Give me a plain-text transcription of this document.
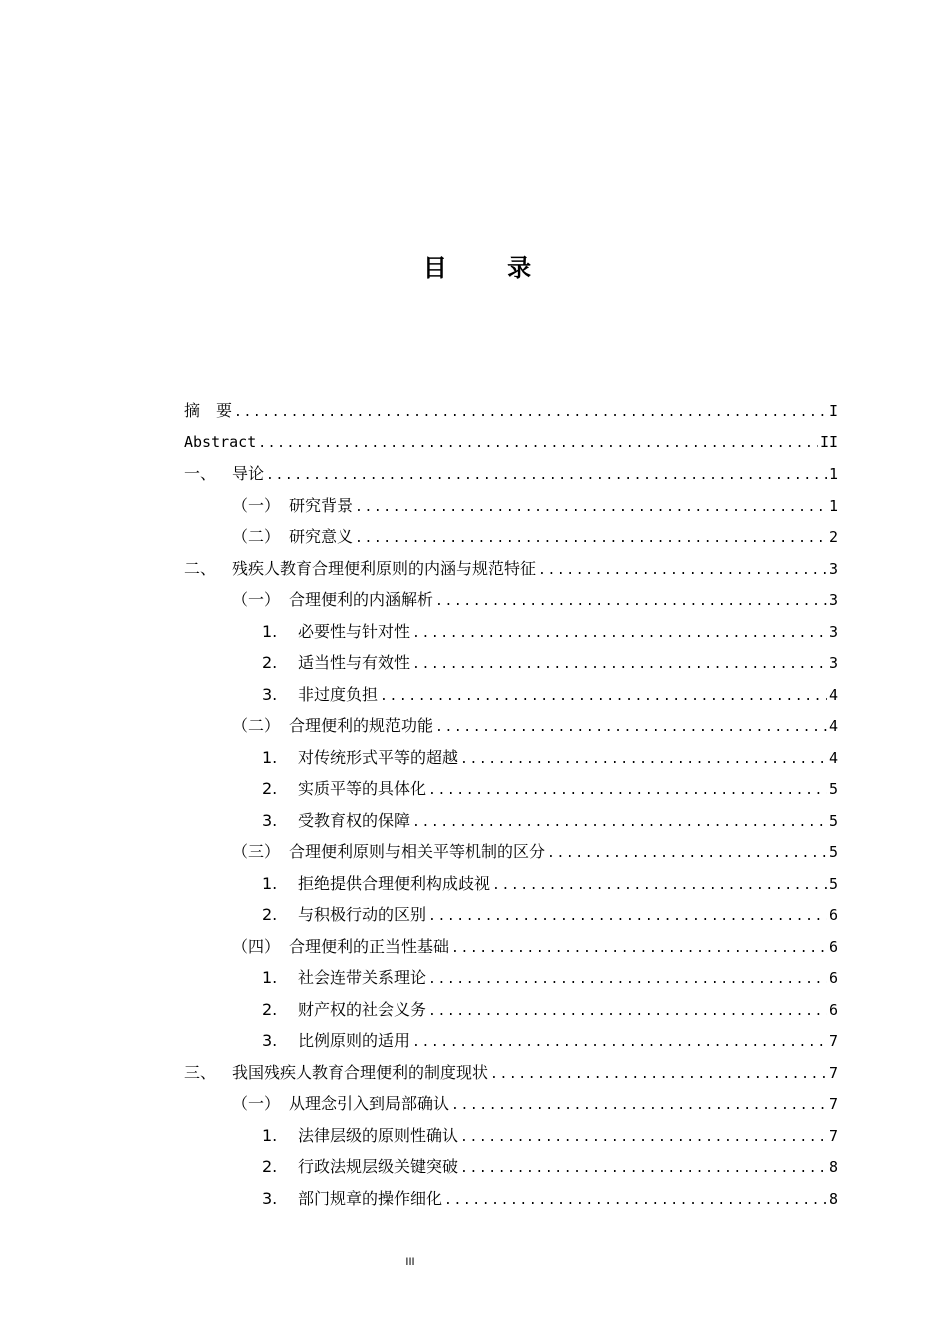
目 录
摘 要 .....	I
Abstract .....	II
一、 导论 .....	1
（一） 研究背景 .....	1
（二） 研究意义 .....	2
二、 残疾人教育合理便利原则的内涵与规范特征 .....	3
（一） 合理便利的内涵解析 .....	3
1.	必要性与针对性 .....	3
2.	适当性与有效性 .....	3
3.	非过度负担 .....	4
（二） 合理便利的规范功能 .....	4
1.	对传统形式平等的超越 .....	4
2.	实质平等的具体化 .....	5
3.	受教育权的保障 .....	5
（三） 合理便利原则与相关平等机制的区分 .....	5
1.	拒绝提供合理便利构成歧视 .....	5
2.	与积极行动的区别 .....	6
（四） 合理便利的正当性基础 .....	6
1.	社会连带关系理论 .....	6
2.	财产权的社会义务 .....	6
3.	比例原则的适用 .....	7
三、 我国残疾人教育合理便利的制度现状 .....	7
（一） 从理念引入到局部确认 .....	7
1.	法律层级的原则性确认 .....	7
2.	行政法规层级关键突破 .....	8
3.	部门规章的操作细化 .....	8
III
